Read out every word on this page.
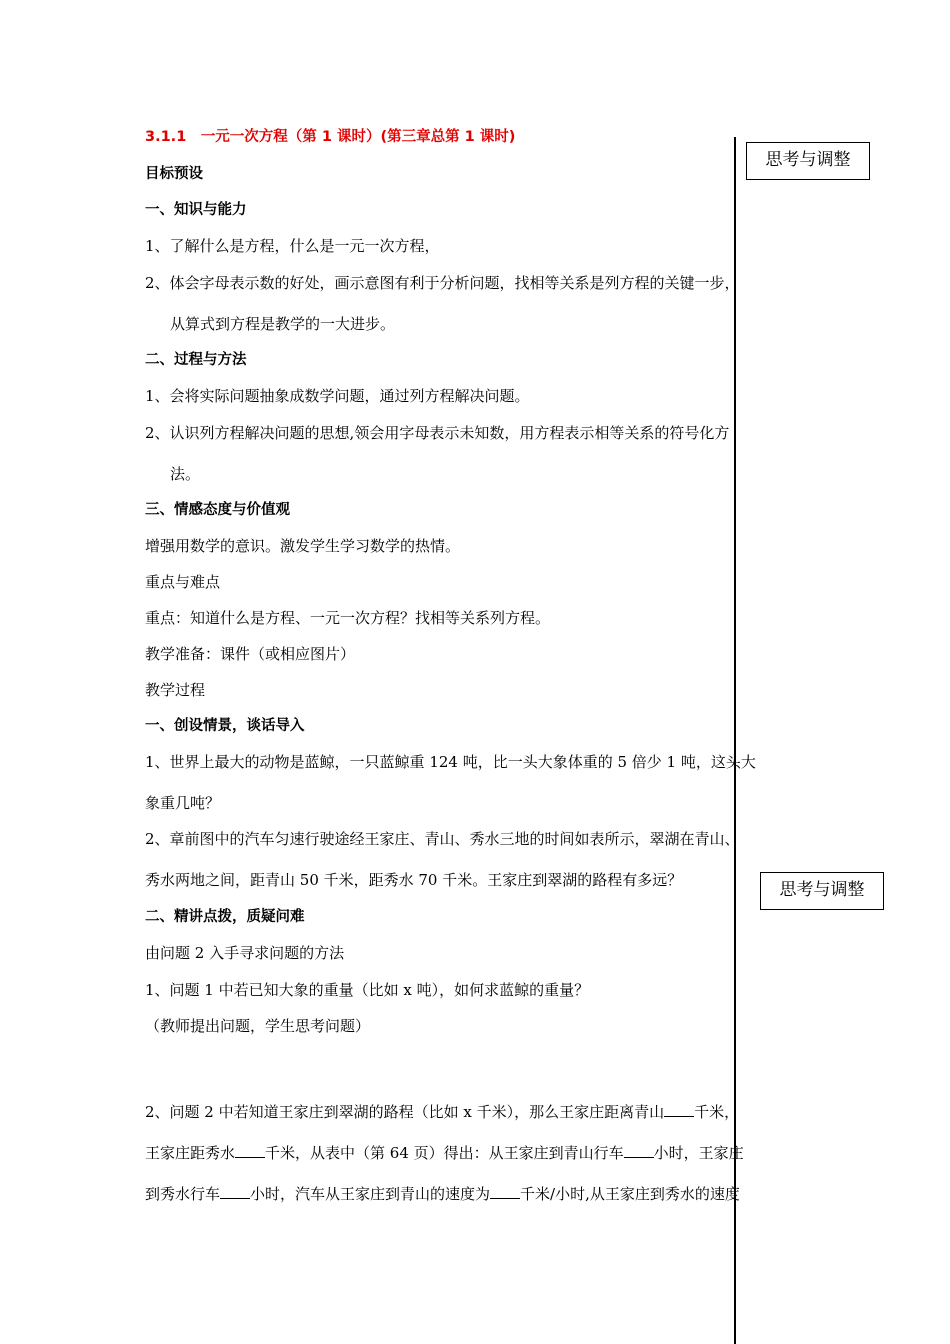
思考与调整
思考与调整
3.1.1　一元一次方程（第 1 课时）(第三章总第 1 课时)
目标预设
一、知识与能力
1、了解什么是方程，什么是一元一次方程，
2、体会字母表示数的好处，画示意图有利于分析问题，找相等关系是列方程的关键一步，
从算式到方程是教学的一大进步。
二、过程与方法
1、会将实际问题抽象成数学问题，通过列方程解决问题。
2、认识列方程解决问题的思想,领会用字母表示未知数，用方程表示相等关系的符号化方
法。
三、情感态度与价值观
增强用数学的意识。激发学生学习数学的热情。
重点与难点
重点：知道什么是方程、一元一次方程？找相等关系列方程。
教学准备：课件（或相应图片）
教学过程
一、创设情景，谈话导入
1、世界上最大的动物是蓝鲸，一只蓝鲸重 124 吨，比一头大象体重的 5 倍少 1 吨，这头大
象重几吨？
2、章前图中的汽车匀速行驶途经王家庄、青山、秀水三地的时间如表所示，翠湖在青山、
秀水两地之间，距青山 50 千米，距秀水 70 千米。王家庄到翠湖的路程有多远？
二、精讲点拨，质疑问难
由问题 2 入手寻求问题的方法
1、问题 1 中若已知大象的重量（比如 x 吨），如何求蓝鲸的重量？
（教师提出问题，学生思考问题）
2、问题 2 中若知道王家庄到翠湖的路程（比如 x 千米），那么王家庄距离青山 千米，
王家庄距秀水 千米，从表中（第 64 页）得出：从王家庄到青山行车 小时，王家庄
到秀水行车 小时，汽车从王家庄到青山的速度为 千米/小时,从王家庄到秀水的速度
